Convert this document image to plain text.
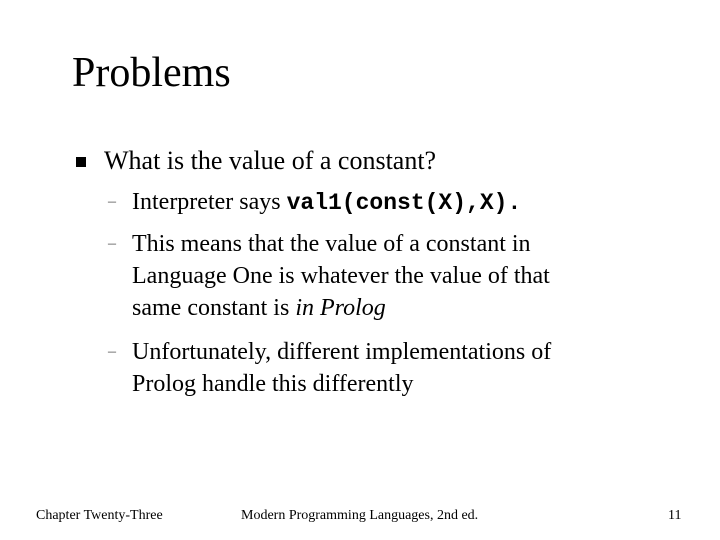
Problems
What is the value of a constant?
– Interpreter says val1(const(X),X).
– This means that the value of a constant in
Language One is whatever the value of that
same constant is in Prolog
– Unfortunately, different implementations of
Prolog handle this differently
Chapter Twenty-Three	Modern Programming Languages, 2nd ed.	11
